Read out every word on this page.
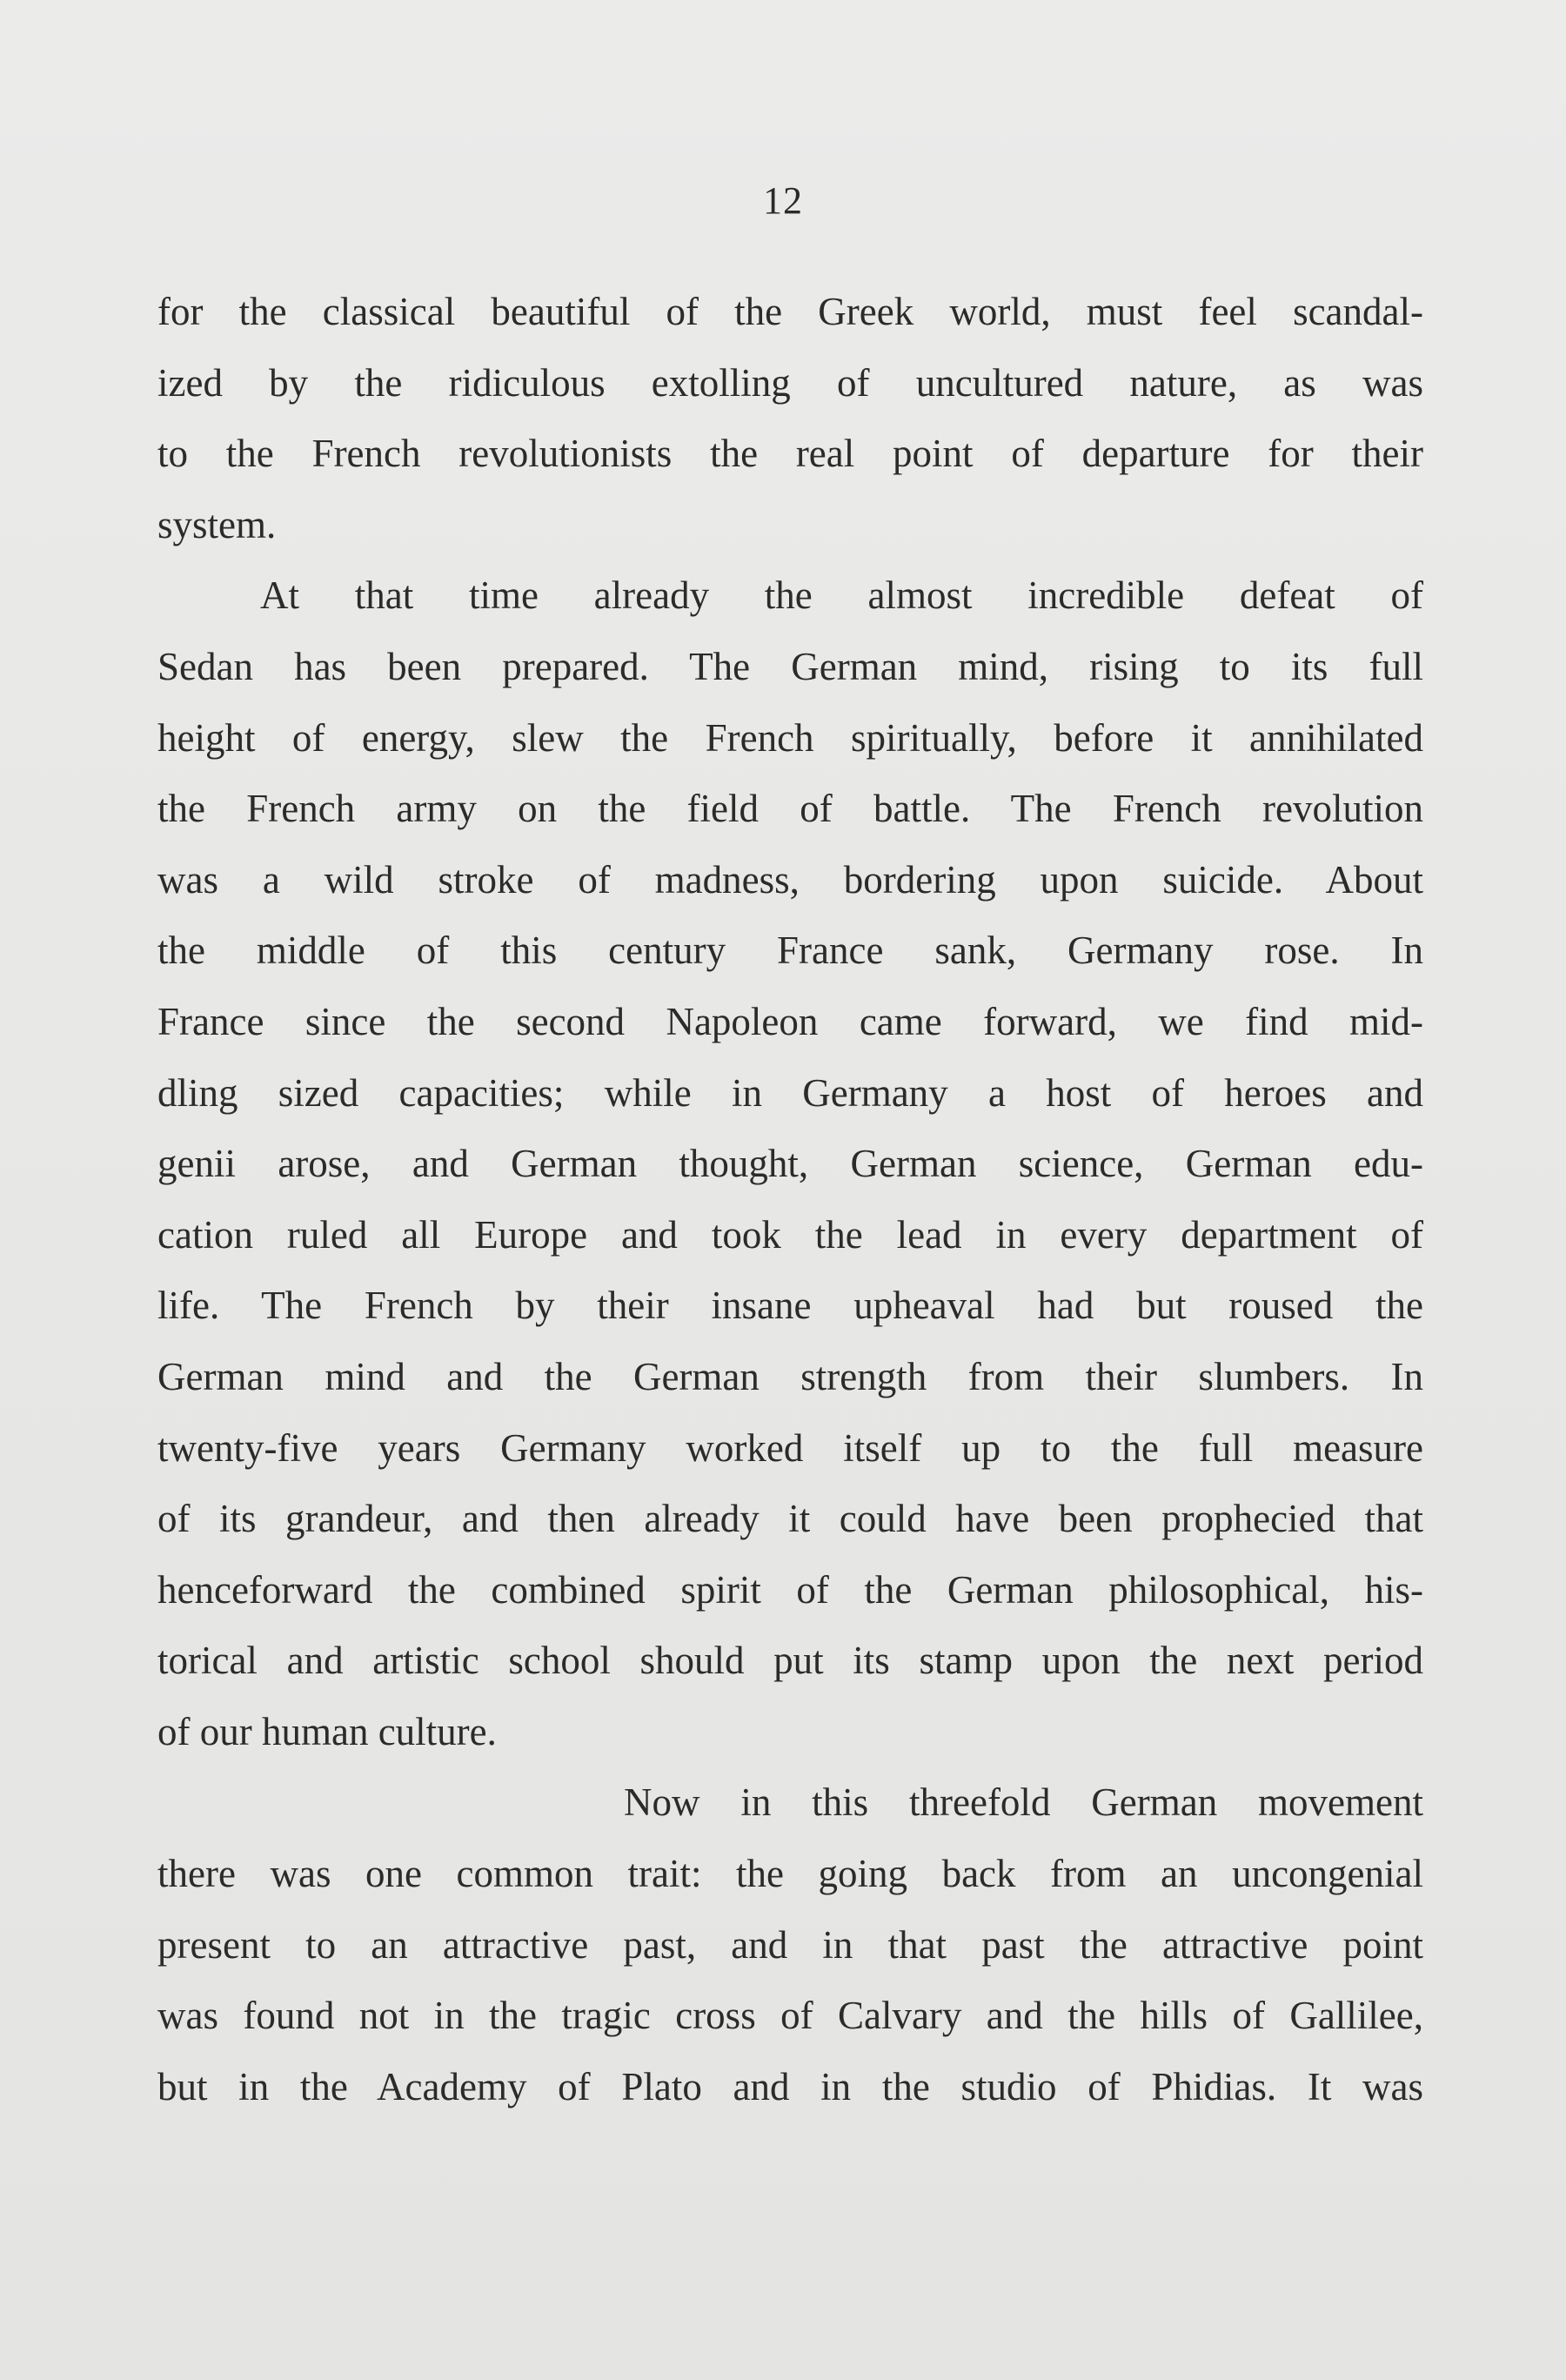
12
for the classical beautiful of the Greek world, must feel scandal-
ized by the ridiculous extolling of uncultured nature, as was
to the French revolutionists the real point of departure for their
system.
At that time already the almost incredible defeat of
Sedan has been prepared. The German mind, rising to its full
height of energy, slew the French spiritually, before it annihilated
the French army on the field of battle. The French revolution
was a wild stroke of madness, bordering upon suicide. About
the middle of this century France sank, Germany rose. In
France since the second Napoleon came forward, we find mid-
dling sized capacities; while in Germany a host of heroes and
genii arose, and German thought, German science, German edu-
cation ruled all Europe and took the lead in every department of
life. The French by their insane upheaval had but roused the
German mind and the German strength from their slumbers. In
twenty-five years Germany worked itself up to the full measure
of its grandeur, and then already it could have been prophecied that
henceforward the combined spirit of the German philosophical, his-
torical and artistic school should put its stamp upon the next period
of our human culture.
Now in this threefold German movement
there was one common trait: the going back from an uncongenial
present to an attractive past, and in that past the attractive point
was found not in the tragic cross of Calvary and the hills of Gallilee,
but in the Academy of Plato and in the studio of Phidias. It was
